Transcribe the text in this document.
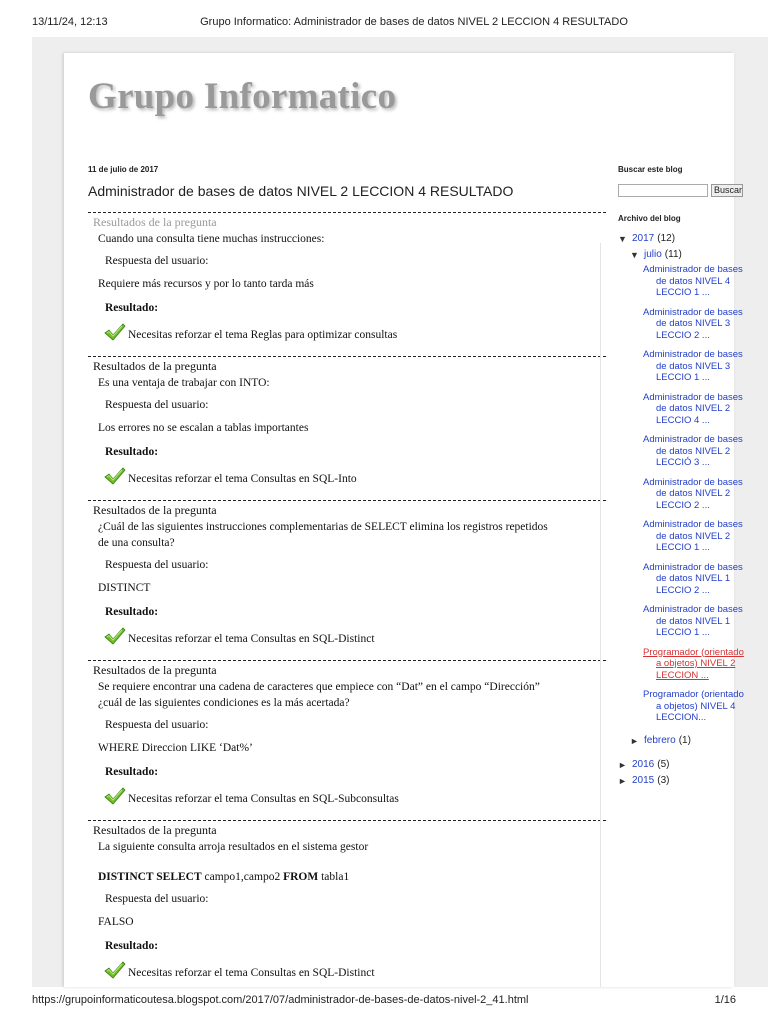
13/11/24, 12:13	Grupo Informatico: Administrador de bases de datos NIVEL 2 LECCION 4 RESULTADO
Grupo Informatico
11 de julio de 2017
Administrador de bases de datos NIVEL 2 LECCION 4 RESULTADO
Resultados de la pregunta
Cuando una consulta tiene muchas instrucciones:
Respuesta del usuario:
Requiere más recursos y por lo tanto tarda más
Resultado:
Necesitas reforzar el tema Reglas para optimizar consultas
Resultados de la pregunta
Es una ventaja de trabajar con INTO:
Respuesta del usuario:
Los errores no se escalan a tablas importantes
Resultado:
Necesitas reforzar el tema Consultas en SQL-Into
Resultados de la pregunta
¿Cuál de las siguientes instrucciones complementarias de SELECT elimina los registros repetidos de una consulta?
Respuesta del usuario:
DISTINCT
Resultado:
Necesitas reforzar el tema Consultas en SQL-Distinct
Resultados de la pregunta
Se requiere encontrar una cadena de caracteres que empiece con “Dat” en el campo “Dirección” ¿cuál de las siguientes condiciones es la más acertada?
Respuesta del usuario:
WHERE Direccion LIKE ‘Dat%’
Resultado:
Necesitas reforzar el tema Consultas en SQL-Subconsultas
Resultados de la pregunta
La siguiente consulta arroja resultados en el sistema gestor
DISTINCT SELECT campo1,campo2 FROM tabla1
Respuesta del usuario:
FALSO
Resultado:
Necesitas reforzar el tema Consultas en SQL-Distinct
Buscar este blog
Buscar
Archivo del blog
▼ 2017 (12)
▼ julio (11)
Administrador de bases de datos NIVEL 4 LECCIO 1 ...
Administrador de bases de datos NIVEL 3 LECCIO 2 ...
Administrador de bases de datos NIVEL 3 LECCIO 1 ...
Administrador de bases de datos NIVEL 2 LECCIO 4 ...
Administrador de bases de datos NIVEL 2 LECCIÓ 3 ...
Administrador de bases de datos NIVEL 2 LECCIO 2 ...
Administrador de bases de datos NIVEL 2 LECCIO 1 ...
Administrador de bases de datos NIVEL 1 LECCIO 2 ...
Administrador de bases de datos NIVEL 1 LECCIO 1 ...
Programador (orientado a objetos) NIVEL 2 LECCION ...
Programador (orientado a objetos) NIVEL 4 LECCION...
► febrero (1)
► 2016 (5)
► 2015 (3)
https://grupoinformaticoutesa.blogspot.com/2017/07/administrador-de-bases-de-datos-nivel-2_41.html	1/16
